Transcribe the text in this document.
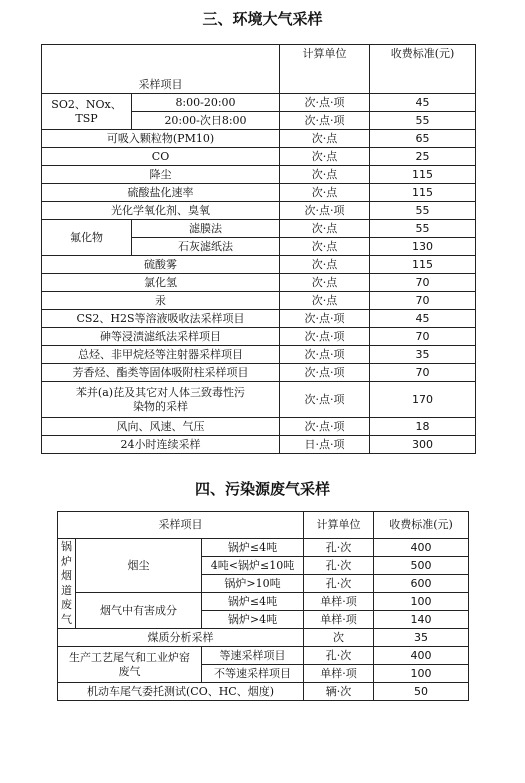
三、环境大气采样
采样项目		计算单位	收费标准(元)
SO2、NOx、TSP	8:00-20:00	次·点·项	45
	20:00-次日8:00	次·点·项	55
可吸入颗粒物(PM10)		次·点	65
CO		次·点	25
降尘		次·点	115
硫酸盐化速率		次·点	115
光化学氧化剂、臭氧		次·点·项	55
氟化物	滤膜法	次·点	55
	石灰滤纸法	次·点	130
硫酸雾		次·点	115
氯化氢		次·点	70
汞		次·点	70
CS2、H2S等溶液吸收法采样项目		次·点·项	45
砷等浸渍滤纸法采样项目		次·点·项	70
总烃、非甲烷烃等注射器采样项目		次·点·项	35
芳香烃、酯类等固体吸附柱采样项目		次·点·项	70
苯并(a)芘及其它对人体三致毒性污染物的采样		次·点·项	170
风向、风速、气压		次·点·项	18
24小时连续采样		日·点·项	300
四、污染源废气采样
采样项目			计算单位	收费标准(元)
锅炉烟道废气	烟尘	锅炉≤4吨	孔·次	400
		4吨<锅炉≤10吨	孔·次	500
		锅炉>10吨	孔·次	600
	烟气中有害成分	锅炉≤4吨	单样·项	100
		锅炉>4吨	单样·项	140
煤质分析采样			次	35
生产工艺尾气和工业炉窑废气		等速采样项目	孔·次	400
		不等速采样项目	单样·项	100
机动车尾气委托测试(CO、HC、烟度)			辆·次	50
